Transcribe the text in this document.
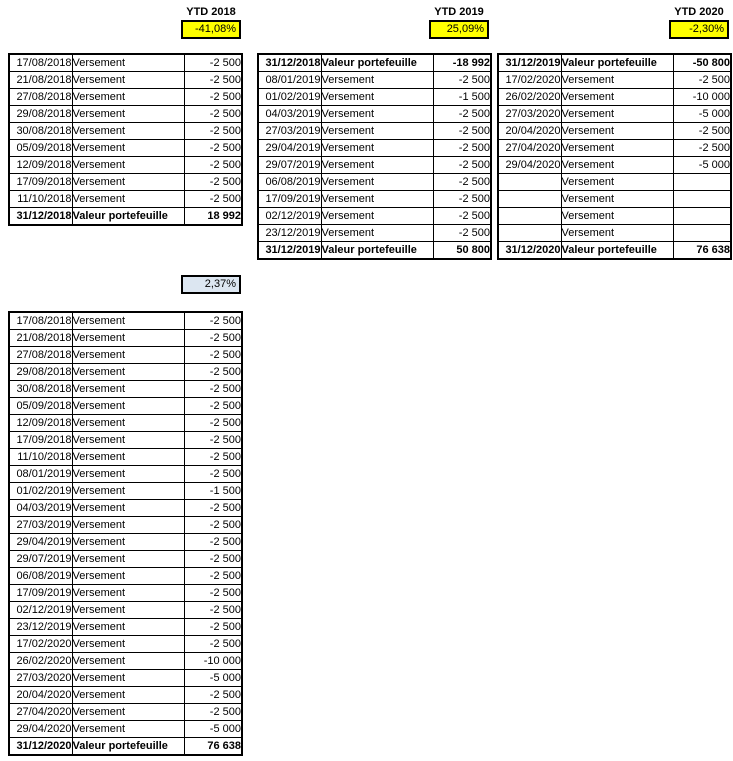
YTD 2018
-41,08%
YTD 2019
25,09%
YTD 2020
-2,30%
2,37%
17/08/2018	Versement	-2 500
21/08/2018	Versement	-2 500
27/08/2018	Versement	-2 500
29/08/2018	Versement	-2 500
30/08/2018	Versement	-2 500
05/09/2018	Versement	-2 500
12/09/2018	Versement	-2 500
17/09/2018	Versement	-2 500
11/10/2018	Versement	-2 500
31/12/2018	Valeur portefeuille	18 992
31/12/2018	Valeur portefeuille	-18 992
08/01/2019	Versement	-2 500
01/02/2019	Versement	-1 500
04/03/2019	Versement	-2 500
27/03/2019	Versement	-2 500
29/04/2019	Versement	-2 500
29/07/2019	Versement	-2 500
06/08/2019	Versement	-2 500
17/09/2019	Versement	-2 500
02/12/2019	Versement	-2 500
23/12/2019	Versement	-2 500
31/12/2019	Valeur portefeuille	50 800
31/12/2019	Valeur portefeuille	-50 800
17/02/2020	Versement	-2 500
26/02/2020	Versement	-10 000
27/03/2020	Versement	-5 000
20/04/2020	Versement	-2 500
27/04/2020	Versement	-2 500
29/04/2020	Versement	-5 000
	Versement	
	Versement	
	Versement	
	Versement	
31/12/2020	Valeur portefeuille	76 638
17/08/2018	Versement	-2 500
21/08/2018	Versement	-2 500
27/08/2018	Versement	-2 500
29/08/2018	Versement	-2 500
30/08/2018	Versement	-2 500
05/09/2018	Versement	-2 500
12/09/2018	Versement	-2 500
17/09/2018	Versement	-2 500
11/10/2018	Versement	-2 500
08/01/2019	Versement	-2 500
01/02/2019	Versement	-1 500
04/03/2019	Versement	-2 500
27/03/2019	Versement	-2 500
29/04/2019	Versement	-2 500
29/07/2019	Versement	-2 500
06/08/2019	Versement	-2 500
17/09/2019	Versement	-2 500
02/12/2019	Versement	-2 500
23/12/2019	Versement	-2 500
17/02/2020	Versement	-2 500
26/02/2020	Versement	-10 000
27/03/2020	Versement	-5 000
20/04/2020	Versement	-2 500
27/04/2020	Versement	-2 500
29/04/2020	Versement	-5 000
31/12/2020	Valeur portefeuille	76 638
